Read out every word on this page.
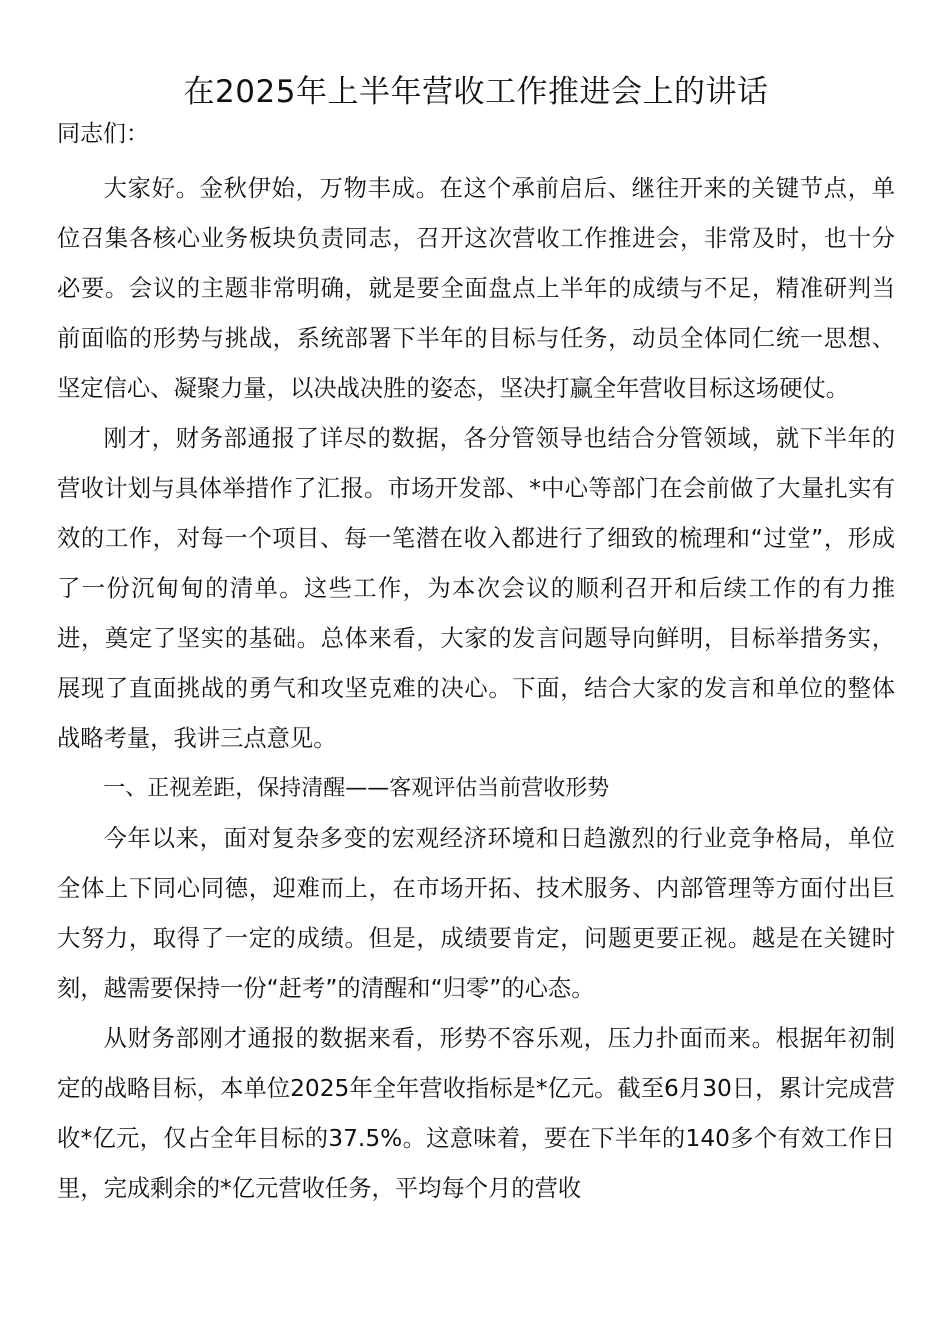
在2025年上半年营收工作推进会上的讲话

同志们：

大家好。金秋伊始，万物丰成。在这个承前启后、继往开来的关键节点，单位召集各核心业务板块负责同志，召开这次营收工作推进会，非常及时，也十分必要。会议的主题非常明确，就是要全面盘点上半年的成绩与不足，精准研判当前面临的形势与挑战，系统部署下半年的目标与任务，动员全体同仁统一思想、坚定信心、凝聚力量，以决战决胜的姿态，坚决打赢全年营收目标这场硬仗。

刚才，财务部通报了详尽的数据，各分管领导也结合分管领域，就下半年的营收计划与具体举措作了汇报。市场开发部、*中心等部门在会前做了大量扎实有效的工作，对每一个项目、每一笔潜在收入都进行了细致的梳理和“过堂”，形成了一份沉甸甸的清单。这些工作，为本次会议的顺利召开和后续工作的有力推进，奠定了坚实的基础。总体来看，大家的发言问题导向鲜明，目标举措务实，展现了直面挑战的勇气和攻坚克难的决心。下面，结合大家的发言和单位的整体战略考量，我讲三点意见。

一、正视差距，保持清醒——客观评估当前营收形势

今年以来，面对复杂多变的宏观经济环境和日趋激烈的行业竞争格局，单位全体上下同心同德，迎难而上，在市场开拓、技术服务、内部管理等方面付出巨大努力，取得了一定的成绩。但是，成绩要肯定，问题更要正视。越是在关键时刻，越需要保持一份“赶考”的清醒和“归零”的心态。

从财务部刚才通报的数据来看，形势不容乐观，压力扑面而来。根据年初制定的战略目标，本单位2025年全年营收指标是*亿元。截至6月30日，累计完成营收*亿元，仅占全年目标的37.5%。这意味着，要在下半年的140多个有效工作日里，完成剩余的*亿元营收任务，平均每个月的营收
